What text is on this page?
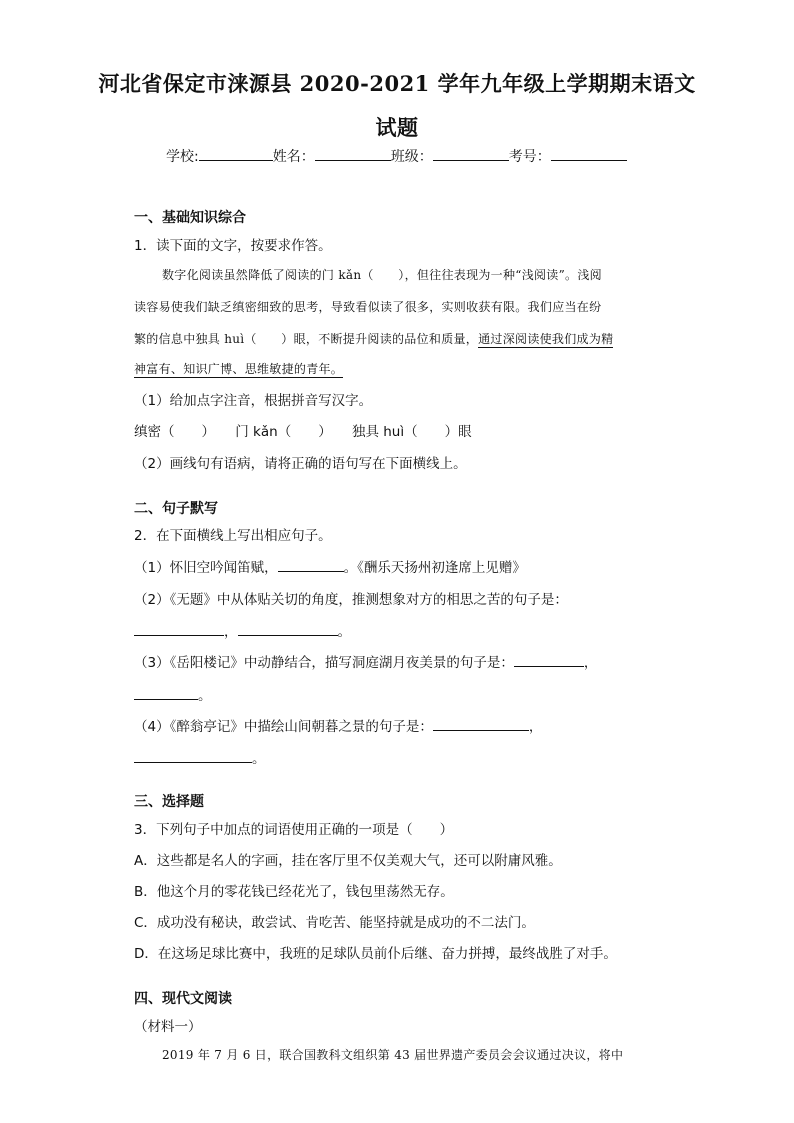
河北省保定市涞源县 2020-2021 学年九年级上学期期末语文
试题
学校:	姓名：	班级：	考号：
一、基础知识综合
1．读下面的文字，按要求作答。
数字化阅读虽然降低了阅读的门 kǎn（　　），但往往表现为一种“浅阅读”。浅阅
读容易使我们缺乏缜密细致的思考，导致看似读了很多，实则收获有限。我们应当在纷
繁的信息中独具 huì（　　）眼，不断提升阅读的品位和质量，通过深阅读使我们成为精
神富有、知识广博、思维敏捷的青年。
（1）给加点字注音，根据拼音写汉字。
缜密（　　）　　门 kǎn（　　）　　独具 huì（　　）眼
（2）画线句有语病，请将正确的语句写在下面横线上。
二、句子默写
2．在下面横线上写出相应句子。
（1）怀旧空吟闻笛赋，	。《酬乐天扬州初逢席上见赠》
（2）《无题》中从体贴关切的角度，推测想象对方的相思之苦的句子是：
，	。
（3）《岳阳楼记》中动静结合，描写洞庭湖月夜美景的句子是：	，
。
（4）《醉翁亭记》中描绘山间朝暮之景的句子是：	，
。
三、选择题
3．下列句子中加点的词语使用正确的一项是（　　）
A．这些都是名人的字画，挂在客厅里不仅美观大气，还可以附庸风雅。
B．他这个月的零花钱已经花光了，钱包里荡然无存。
C．成功没有秘诀，敢尝试、肯吃苦、能坚持就是成功的不二法门。
D．在这场足球比赛中，我班的足球队员前仆后继、奋力拼搏，最终战胜了对手。
四、现代文阅读
（材料一）
2019 年 7 月 6 日，联合国教科文组织第 43 届世界遗产委员会会议通过决议，将中
